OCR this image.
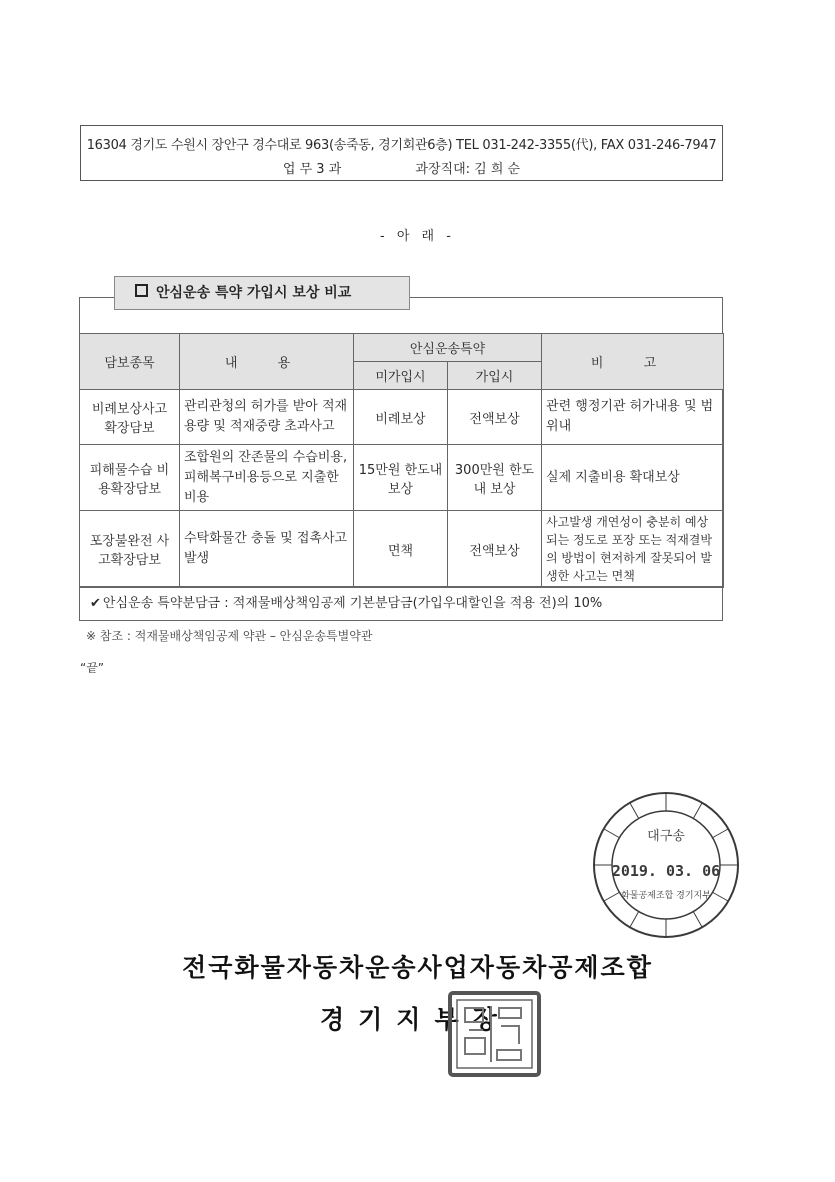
16304 경기도 수원시 장안구 경수대로 963(송죽동, 경기회관6층) TEL 031-242-3355(代), FAX 031-246-7947
업 무 3 과	과장직대: 김 희 순
- 아 래 -
안심운송 특약 가입시 보상 비교
담보종목	내 용	안심운송특약		비 고
		미가입시	가입시	
비례보상사고 확장담보	관리관청의 허가를 받아 적재용량 및 적재중량 초과사고	비례보상	전액보상	관련 행정기관 허가내용 및 범위내
피해물수습 비용확장담보	조합원의 잔존물의 수습비용, 피해복구비용등으로 지출한 비용	15만원 한도내 보상	300만원 한도내 보상	실제 지출비용 확대보상
포장불완전 사고확장담보	수탁화물간 충돌 및 접촉사고 발생	면책	전액보상	사고발생 개연성이 충분히 예상되는 정도로 포장 또는 적재결박의 방법이 현저하게 잘못되어 발생한 사고는 면책
✔ 안심운송 특약분담금 : 적재물배상책임공제 기본분담금(가입우대할인을 적용 전)의 10%
※ 참조 : 적재물배상책임공제 약관 – 안심운송특별약관
“끝”
대구송
2019. 03. 06
화물공제조합 경기지부
전국화물자동차운송사업자동차공제조합
경기지부장
